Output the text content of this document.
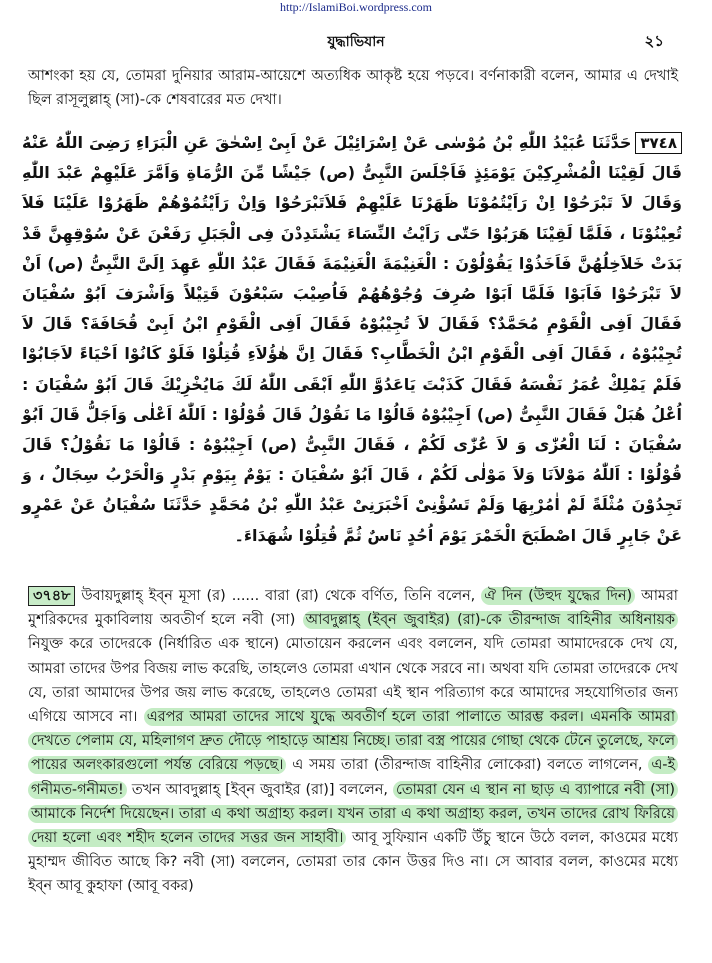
http://IslamiBoi.wordpress.com
যুদ্ধাভিযান	২১
আশংকা হয় যে, তোমরা দুনিয়ার আরাম-আয়েশে অত্যধিক আকৃষ্ট হয়ে পড়বে। বর্ণনাকারী বলেন, আমার এ দেখাই ছিল রাসূলুল্লাহ্ (সা)-কে শেষবারের মত দেখা।
٣٧٤٨حَدَّثَنَا عُبَيْدُ اللّٰهِ بْنُ مُوْسٰى عَنْ اِسْرَائِيْلَ عَنْ اَبِىْ اِسْحٰقَ عَنِ الْبَرَاءِ رَضِىَ اللّٰهُ عَنْهُ قَالَ لَقِيْنَا الْمُشْرِكِيْنَ يَوْمَئِذٍ فَاَجْلَسَ النَّبِىُّ (ص) جَيْشًا مِّنَ الرُّمَاةِ وَاَمَّرَ عَلَيْهِمْ عَبْدَ اللّٰهِ وَقَالَ لاَ تَبْرَحُوْا اِنْ رَاَيْتُمُوْنَا ظَهَرْنَا عَلَيْهِمْ فَلاَتَبْرَحُوْا وَاِنْ رَاَيْتُمُوْهُمْ ظَهَرُوْا عَلَيْنَا فَلاَ تُعِيْنُوْنَا ، فَلَمَّا لَقِيْنَا هَرَبُوْا حَتّٰى رَاَيْتُ النِّسَاءَ يَشْتَدِدْنَ فِى الْجَبَلِ رَفَعْنَ عَنْ سُوْقِهِنَّ قَدْ بَدَتْ خَلاَخِلُهُنَّ فَاَخَذُوْا يَقُوْلُوْنَ : الْغَنِيْمَةَ الْغَنِيْمَةَ فَقَالَ عَبْدُ اللّٰهِ عَهِدَ اِلَىَّ النَّبِىُّ (ص) اَنْ لاَ تَبْرَحُوْا فَاَبَوْا فَلَمَّا اَبَوْا صُرِفَ وُجُوْهُهُمْ فَاُصِيْبَ سَبْعُوْنَ قَتِيْلاً وَاَشْرَفَ اَبُوْ سُفْيَانَ فَقَالَ اَفِى الْقَوْمِ مُحَمَّدٌ؟ فَقَالَ لاَ تُجِيْبُوْهُ فَقَالَ اَفِى الْقَوْمِ ابْنُ اَبِىْ قُحَافَةَ؟ قَالَ لاَ تُجِيْبُوْهُ ، فَقَالَ اَفِى الْقَوْمِ ابْنُ الْخَطَّابِ؟ فَقَالَ اِنَّ هٰؤُلاَءِ قُتِلُوْا فَلَوْ كَانُوْا اَحْيَاءً لاَجَابُوْا فَلَمْ يَمْلِكْ عُمَرُ نَفْسَهُ فَقَالَ كَذَبْتَ يَاعَدُوَّ اللّٰهِ اَبْقَى اللّٰهُ لَكَ مَايُخْزِيْكَ قَالَ اَبُوْ سُفْيَانَ : اُعْلُ هُبَلْ فَقَالَ النَّبِىُّ (ص) اَجِيْبُوْهُ قَالُوْا مَا نَقُوْلُ قَالَ قُوْلُوْا : اَللّٰهُ اَعْلٰى وَاَجَلُّ قَالَ اَبُوْ سُفْيَانَ : لَنَا الْعُزّٰى وَ لاَ عُزّٰى لَكُمْ ، فَقَالَ النَّبِىُّ (ص) اَجِيْبُوْهُ : قَالُوْا مَا نَقُوْلُ؟ قَالَ قُوْلُوْا : اَللّٰهُ مَوْلاَنَا وَلاَ مَوْلٰى لَكُمْ ، قَالَ اَبُوْ سُفْيَانَ : يَوْمٌ بِيَوْمِ بَدْرٍ وَالْحَرْبُ سِجَالٌ ، وَ تَجِدُوْنَ مُثْلَةً لَمْ اٰمُرْبِهَا وَلَمْ تَسُؤْنِىْ اَخْبَرَنِىْ عَبْدُ اللّٰهِ بْنُ مُحَمَّدٍ حَدَّثَنَا سُفْيَانُ عَنْ عَمْرٍو عَنْ جَابِرٍ قَالَ اصْطَبَحَ الْخَمْرَ يَوْمَ اُحُدٍ نَاسٌ ثُمَّ قُتِلُوْا شُهَدَاءَ۔
৩৭৪৮ উবায়দুল্লাহ্ ইব্‌ন মূসা (র) ...... বারা (রা) থেকে বর্ণিত, তিনি বলেন, ঐ দিন (উহুদ যুদ্ধের দিন) আমরা মুশরিকদের মুকাবিলায় অবতীর্ণ হলে নবী (সা) আবদুল্লাহ্ (ইব্‌ন জুবাইর) (রা)-কে তীরন্দাজ বাহিনীর অধিনায়ক নিযুক্ত করে তাদেরকে (নির্ধারিত এক স্থানে) মোতায়েন করলেন এবং বললেন, যদি তোমরা আমাদেরকে দেখ যে, আমরা তাদের উপর বিজয় লাভ করেছি, তাহলেও তোমরা এখান থেকে সরবে না। অথবা যদি তোমরা তাদেরকে দেখ যে, তারা আমাদের উপর জয় লাভ করেছে, তাহলেও তোমরা এই স্থান পরিত্যাগ করে আমাদের সহযোগিতার জন্য এগিয়ে আসবে না। এরপর আমরা তাদের সাথে যুদ্ধে অবতীর্ণ হলে তারা পালাতে আরম্ভ করল। এমনকি আমরা দেখতে পেলাম যে, মহিলাগণ দ্রুত দৌড়ে পাহাড়ে আশ্রয় নিচ্ছে। তারা বস্ত্র পায়ের গোছা থেকে টেনে তুলেছে, ফলে পায়ের অলংকারগুলো পর্যন্ত বেরিয়ে পড়ছে। এ সময় তারা (তীরন্দাজ বাহিনীর লোকেরা) বলতে লাগলেন, এ-ই গনীমত-গনীমত! তখন আবদুল্লাহ্ [ইব্‌ন জুবাইর (রা)] বললেন, তোমরা যেন এ স্থান না ছাড় এ ব্যাপারে নবী (সা) আমাকে নির্দেশ দিয়েছেন। তারা এ কথা অগ্রাহ্য করল। যখন তারা এ কথা অগ্রাহ্য করল, তখন তাদের রোখ ফিরিয়ে দেয়া হলো এবং শহীদ হলেন তাদের সত্তর জন সাহাবী। আবূ সুফিয়ান একটি উঁচু স্থানে উঠে বলল, কাওমের মধ্যে মুহাম্মদ জীবিত আছে কি? নবী (সা) বললেন, তোমরা তার কোন উত্তর দিও না। সে আবার বলল, কাওমের মধ্যে ইব্‌ন আবূ কুহাফা (আবূ বকর)
